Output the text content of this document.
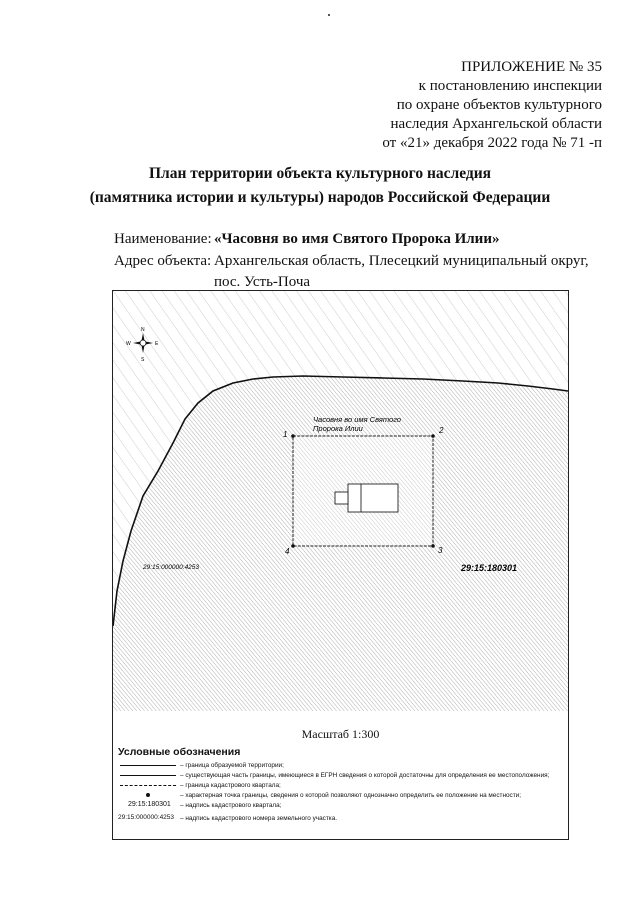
ПРИЛОЖЕНИЕ № 35
к постановлению инспекции
по охране объектов культурного
наследия Архангельской области
от «21» декабря 2022 года № 71 -п
План территории объекта культурного наследия
(памятника истории и культуры) народов Российской Федерации
Наименование: «Часовня во имя Святого Пророка Илии»
Адрес объекта: Архангельская область, Плесецкий муниципальный округ,
пос. Усть-Поча
1	2
3
4
Часовня во имя Святого
Пророка Илии
29:15:000000:4253	29:15:180301
N
S
W	E
Масштаб 1:300
Условные обозначения
– граница образуемой территории;
– существующая часть границы, имеющиеся в ЕГРН сведения о которой достаточны для определения ее местоположения;
– граница кадастрового квартала;
– характерная точка границы, сведения о которой позволяют однозначно определить ее положение на местности;
29:15:180301 – надпись кадастрового квартала;
29:15:000000:4253 – надпись кадастрового номера земельного участка.
